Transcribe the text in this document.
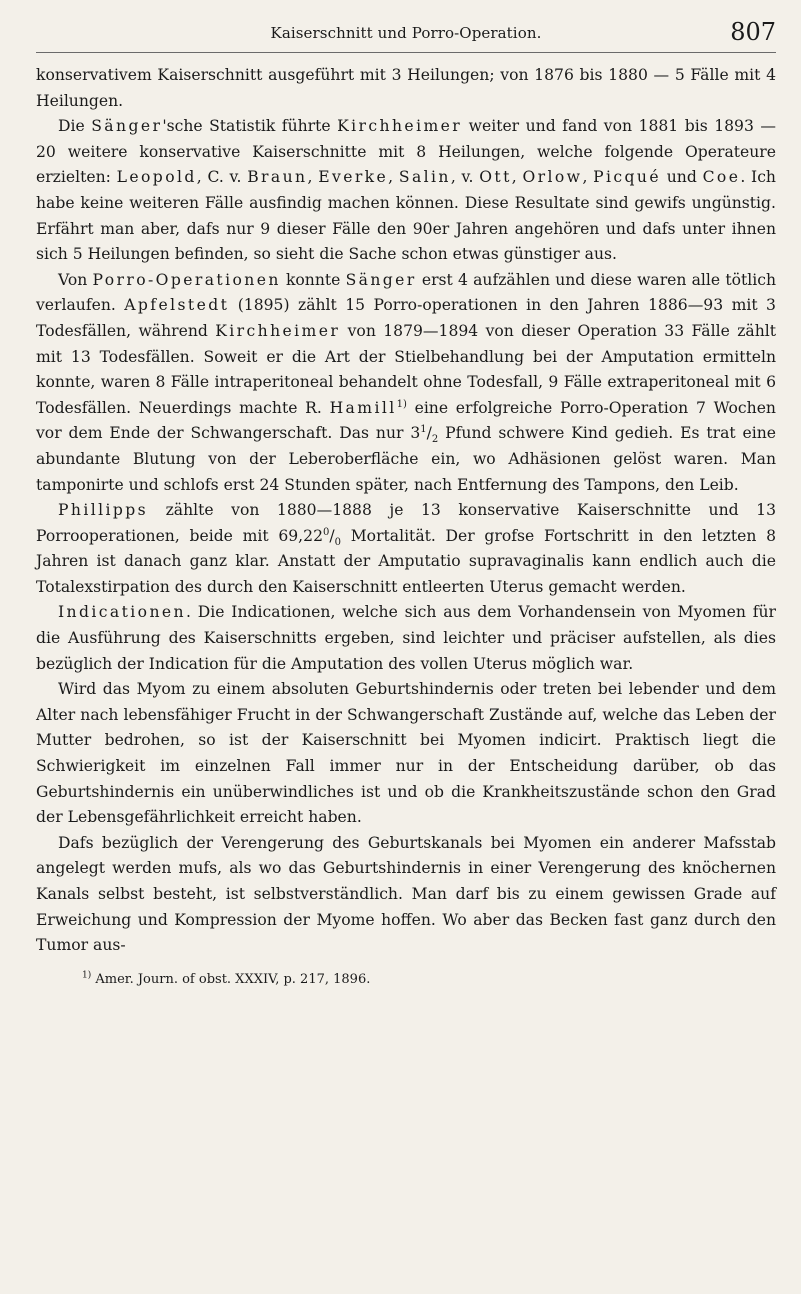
Kaiserschnitt und Porro-Operation.	807

konservativem Kaiserschnitt ausgeführt mit 3 Heilungen; von 1876 bis 1880 — 5 Fälle mit 4 Heilungen.

Die Sänger'sche Statistik führte Kirchheimer weiter und fand von 1881 bis 1893 — 20 weitere konservative Kaiserschnitte mit 8 Heilungen, welche folgende Operateure erzielten: Leopold, C. v. Braun, Everke, Salin, v. Ott, Orlow, Picqué und Coe. Ich habe keine weiteren Fälle ausfindig machen können. Diese Resultate sind gewifs ungünstig. Erfährt man aber, dafs nur 9 dieser Fälle den 90er Jahren angehören und dafs unter ihnen sich 5 Heilungen befinden, so sieht die Sache schon etwas günstiger aus.

Von Porro-Operationen konnte Sänger erst 4 aufzählen und diese waren alle tötlich verlaufen. Apfelstedt (1895) zählt 15 Porro-operationen in den Jahren 1886—93 mit 3 Todesfällen, während Kirchheimer von 1879—1894 von dieser Operation 33 Fälle zählt mit 13 Todesfällen. Soweit er die Art der Stielbehandlung bei der Amputation ermitteln konnte, waren 8 Fälle intraperitoneal behandelt ohne Todesfall, 9 Fälle extraperitoneal mit 6 Todesfällen. Neuerdings machte R. Hamill$^{1)}$ eine erfolgreiche Porro-Operation 7 Wochen vor dem Ende der Schwangerschaft. Das nur $3^1/_2$ Pfund schwere Kind gedieh. Es trat eine abundante Blutung von der Leberoberfläche ein, wo Adhäsionen gelöst waren. Man tamponirte und schlofs erst 24 Stunden später, nach Entfernung des Tampons, den Leib.

Phillipps zählte von 1880—1888 je 13 konservative Kaiserschnitte und 13 Porrooperationen, beide mit $69,22^0/_0$ Mortalität. Der grofse Fortschritt in den letzten 8 Jahren ist danach ganz klar. Anstatt der Amputatio supravaginalis kann endlich auch die Totalexstirpation des durch den Kaiserschnitt entleerten Uterus gemacht werden.

Indicationen. Die Indicationen, welche sich aus dem Vorhandensein von Myomen für die Ausführung des Kaiserschnitts ergeben, sind leichter und präciser aufstellen, als dies bezüglich der Indication für die Amputation des vollen Uterus möglich war.

Wird das Myom zu einem absoluten Geburtshindernis oder treten bei lebender und dem Alter nach lebensfähiger Frucht in der Schwangerschaft Zustände auf, welche das Leben der Mutter bedrohen, so ist der Kaiserschnitt bei Myomen indicirt. Praktisch liegt die Schwierigkeit im einzelnen Fall immer nur in der Entscheidung darüber, ob das Geburtshindernis ein unüberwindliches ist und ob die Krankheitszustände schon den Grad der Lebensgefährlichkeit erreicht haben.

Dafs bezüglich der Verengerung des Geburtskanals bei Myomen ein anderer Mafsstab angelegt werden mufs, als wo das Geburtshindernis in einer Verengerung des knöchernen Kanals selbst besteht, ist selbstverständlich. Man darf bis zu einem gewissen Grade auf Erweichung und Kompression der Myome hoffen. Wo aber das Becken fast ganz durch den Tumor aus-

$^{1)}$ Amer. Journ. of obst. XXXIV, p. 217, 1896.
